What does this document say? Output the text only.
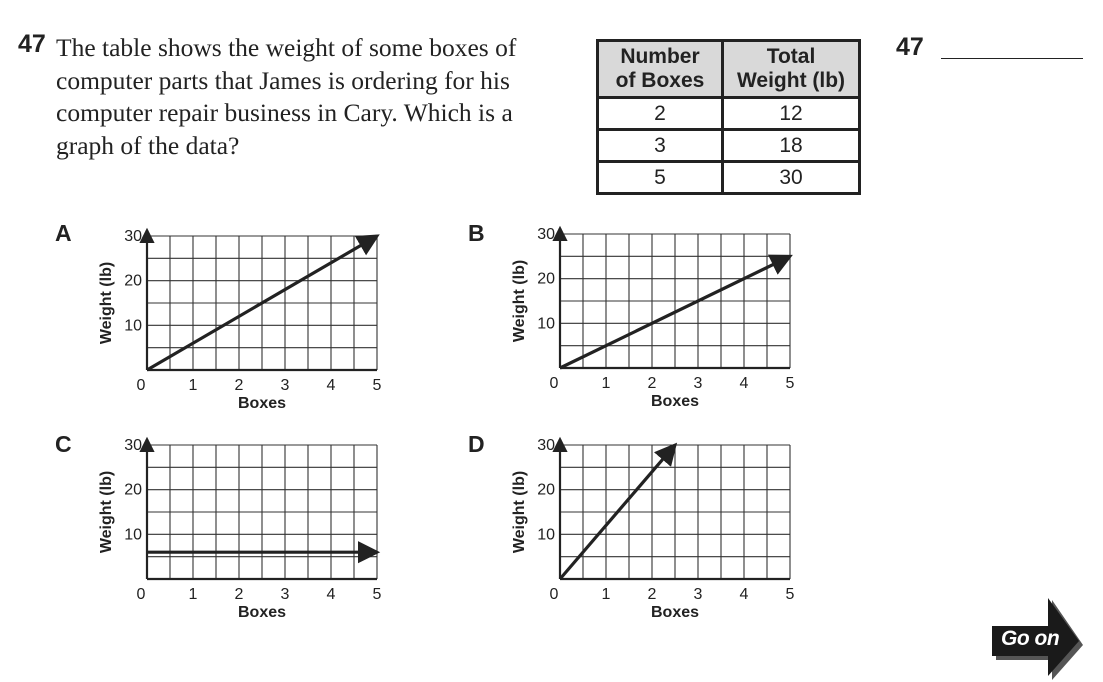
47 The table shows the weight of some boxes of
computer parts that James is ordering for his
computer repair business in Cary. Which is a
graph of the data?
47
Number
of Boxes	Total
Weight (lb)

2	12
3	18
5	30
A	B
C	D
0	1 2 3 4 5
10
20
30
Boxes
Weight (lb)
0	1 2 3 4 5
10
20
30
Boxes
Weight (lb)
0	1 2 3 4 5
10
20
30
Boxes
Weight (lb)
0	1 2 3 4 5
10
20
30
Boxes
Weight (lb)
Go on
